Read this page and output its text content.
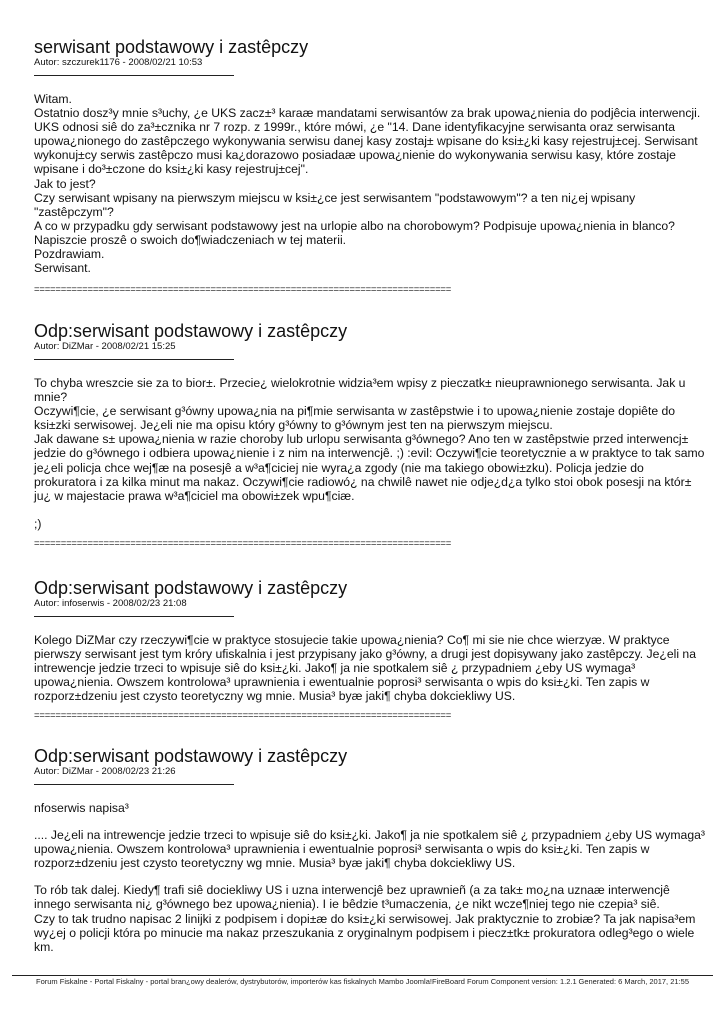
serwisant podstawowy i zastêpczy
Autor: szczurek1176 - 2008/02/21 10:53

Witam.
Ostatnio dosz³y mnie s³uchy, ¿e UKS zacz±³ karaæ mandatami serwisantów za brak upowa¿nienia do podjêcia interwencji. UKS odnosi siê do za³±cznika nr 7 rozp. z 1999r., które mówi, ¿e "14. Dane identyfikacyjne serwisanta oraz serwisanta upowa¿nionego do zastêpczego wykonywania serwisu danej kasy zostaj± wpisane do ksi±¿ki kasy rejestruj±cej. Serwisant wykonuj±cy serwis zastêpczo musi ka¿dorazowo posiadaæ upowa¿nienie do wykonywania serwisu kasy, które zostaje wpisane i do³±czone do ksi±¿ki kasy rejestruj±cej".
Jak to jest?
Czy serwisant wpisany na pierwszym miejscu w ksi±¿ce jest serwisantem "podstawowym"? a ten ni¿ej wpisany "zastêpczym"?
A co w przypadku gdy serwisant podstawowy jest na urlopie albo na chorobowym? Podpisuje upowa¿nienia in blanco?
Napiszcie proszê o swoich do¶wiadczeniach w tej materii.
Pozdrawiam.
Serwisant.

==============================================================================
Odp:serwisant podstawowy i zastêpczy
Autor: DiZMar - 2008/02/21 15:25

To chyba wreszcie sie za to bior±. Przecie¿ wielokrotnie widzia³em wpisy z pieczatk± nieuprawnionego serwisanta. Jak u mnie?
Oczywi¶cie, ¿e serwisant g³ówny upowa¿nia na pi¶mie serwisanta w zastêpstwie i to upowa¿nienie zostaje dopiête do ksi±zki serwisowej. Je¿eli nie ma opisu który g³ówny to g³ównym jest ten na pierwszym miejscu.
Jak dawane s± upowa¿nienia w razie choroby lub urlopu serwisanta g³ównego? Ano ten w zastêpstwie przed interwencj± jedzie do g³ównego i odbiera upowa¿nienie i z nim na interwencjê. ;) :evil: Oczywi¶cie teoretycznie a w praktyce to tak samo je¿eli policja chce wej¶æ na posesjê a w³a¶ciciej nie wyra¿a zgody (nie ma takiego obowi±zku). Policja jedzie do prokuratora i za kilka minut ma nakaz. Oczywi¶cie radiowó¿ na chwilê nawet nie odje¿d¿a tylko stoi obok posesji na któr± ju¿ w majestacie prawa w³a¶ciciel ma obowi±zek wpu¶ciæ.

;)

==============================================================================
Odp:serwisant podstawowy i zastêpczy
Autor: infoserwis - 2008/02/23 21:08

Kolego DiZMar czy rzeczywi¶cie w praktyce stosujecie takie upowa¿nienia? Co¶ mi sie nie chce wierzyæ. W praktyce pierwszy serwisant jest tym króry ufiskalnia i jest przypisany jako g³ówny, a drugi jest dopisywany jako zastêpczy. Je¿eli na intrewencje jedzie trzeci to wpisuje siê do ksi±¿ki. Jako¶ ja nie spotkalem siê ¿ przypadniem ¿eby US wymaga³ upowa¿nienia. Owszem kontrolowa³ uprawnienia i ewentualnie poprosi³ serwisanta o wpis do ksi±¿ki. Ten zapis w rozporz±dzeniu jest czysto teoretyczny wg mnie. Musia³ byæ jaki¶ chyba dokciekliwy US.

==============================================================================
Odp:serwisant podstawowy i zastêpczy
Autor: DiZMar - 2008/02/23 21:26

nfoserwis napisa³

.... Je¿eli na intrewencje jedzie trzeci to wpisuje siê do ksi±¿ki. Jako¶ ja nie spotkalem siê ¿ przypadniem ¿eby US wymaga³ upowa¿nienia. Owszem kontrolowa³ uprawnienia i ewentualnie poprosi³ serwisanta o wpis do ksi±¿ki. Ten zapis w rozporz±dzeniu jest czysto teoretyczny wg mnie. Musia³ byæ jaki¶ chyba dokciekliwy US.

To rób tak dalej. Kiedy¶ trafi siê dociekliwy US i uzna interwencjê bez uprawnieñ (a za tak± mo¿na uznaæ interwencjê innego serwisanta ni¿ g³ównego bez upowa¿nienia). I ie bêdzie t³umaczenia, ¿e nikt wcze¶niej tego nie czepia³ siê.
Czy to tak trudno napisac 2 linijki z podpisem i dopi±æ do ksi±¿ki serwisowej. Jak praktycznie to zrobiæ? Ta jak napisa³em wy¿ej o policji która po minucie ma nakaz przeszukania z oryginalnym podpisem i piecz±tk± prokuratora odleg³ego o wiele km.

Forum Fiskalne - Portal Fiskalny - portal bran¿owy dealerów, dystrybutorów, importerów kas fiskalnych Mambo Joomla!FireBoard Forum Component version: 1.2.1 Generated: 6 March, 2017, 21:55
